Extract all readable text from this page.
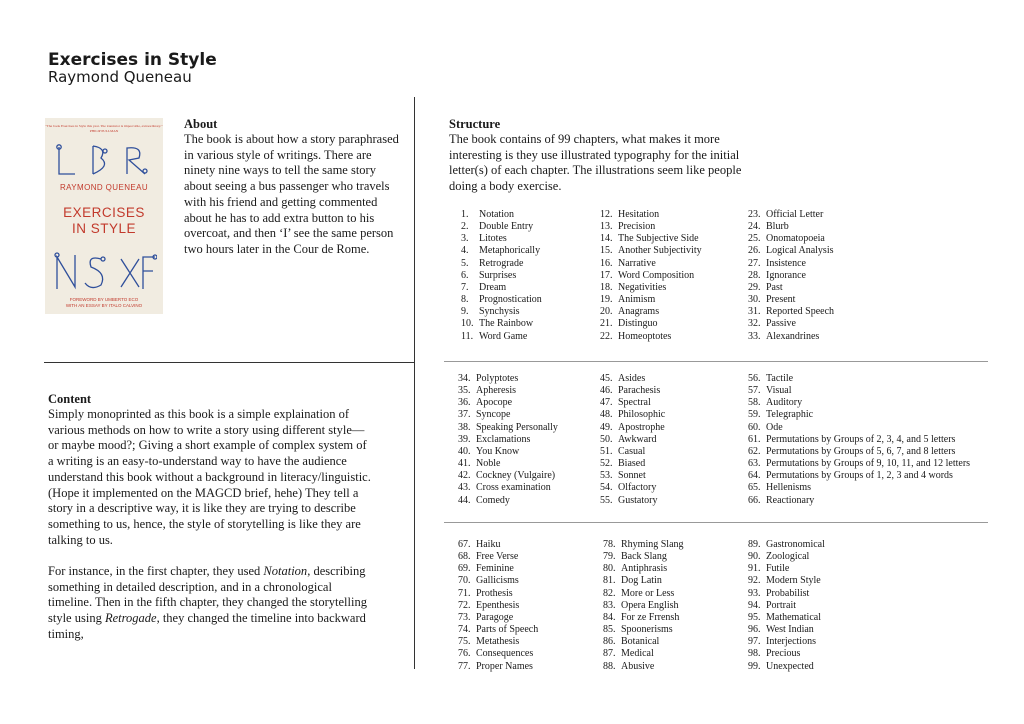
Exercises in Style
Raymond Queneau
"The book Exercises in Style this year. The translator is impeccable, extraordinary." PHILIP PULLMAN
RAYMOND QUENEAU
EXERCISES
IN STYLE
FOREWORD BY UMBERTO ECO
WITH AN ESSAY BY ITALO CALVINO
About
The book is about how a story paraphrased in various style of writings. There are ninety nine ways to tell the same story about seeing a bus passenger who travels with his friend and getting commented about he has to add extra button to his overcoat, and then ‘I’ see the same person two hours later in the Cour de Rome.
Content

Simply monoprinted as this book is a simple explaination of various methods on how to write a story using different style—or maybe mood?; Giving a short example of complex system of a writing is an easy-to-understand way to have the audience understand this book without a background in literacy/linguistic. (Hope it implemented on the MAGCD brief, hehe) They tell a story in a descriptive way, it is like they are trying to describe something to us, hence, the style of storytelling is like they are talking to us.

For instance, in the first chapter, they used Notation, describing something in detailed description, and in a chronological timeline. Then in the fifth chapter, they changed the storytelling style using Retrogade, they changed the timeline into backward timing,

Structure
The book contains of 99 chapters, what makes it more interesting is they use illustrated typography for the initial letter(s) of each chapter. The illustrations seem like people doing a body exercise.
1. Notation
2. Double Entry
3. Litotes
4. Metaphorically
5. Retrograde
6. Surprises
7. Dream
8. Prognostication
9. Synchysis
10. The Rainbow
11. Word Game
12. Hesitation
13. Precision
14. The Subjective Side
15. Another Subjectivity
16. Narrative
17. Word Composition
18. Negativities
19. Animism
20. Anagrams
21. Distinguo
22. Homeoptotes
23. Official Letter
24. Blurb
25. Onomatopoeia
26. Logical Analysis
27. Insistence
28. Ignorance
29. Past
30. Present
31. Reported Speech
32. Passive
33. Alexandrines
34. Polyptotes
35. Apheresis
36. Apocope
37. Syncope
38. Speaking Personally
39. Exclamations
40. You Know
41. Noble
42. Cockney (Vulgaire)
43. Cross examination
44. Comedy
45. Asides
46. Parachesis
47. Spectral
48. Philosophic
49. Apostrophe
50. Awkward
51. Casual
52. Biased
53. Sonnet
54. Olfactory
55. Gustatory
56. Tactile
57. Visual
58. Auditory
59. Telegraphic
60. Ode
61. Permutations by Groups of 2, 3, 4, and 5 letters
62. Permutations by Groups of 5, 6, 7, and 8 letters
63. Permutations by Groups of 9, 10, 11, and 12 letters
64. Permutations by Groups of 1, 2, 3 and 4 words
65. Hellenisms
66. Reactionary
67. Haiku
68. Free Verse
69. Feminine
70. Gallicisms
71. Prothesis
72. Epenthesis
73. Paragoge
74. Parts of Speech
75. Metathesis
76. Consequences
77. Proper Names
78. Rhyming Slang
79. Back Slang
80. Antiphrasis
81. Dog Latin
82. More or Less
83. Opera English
84. For ze Frrensh
85. Spoonerisms
86. Botanical
87. Medical
88. Abusive
89. Gastronomical
90. Zoological
91. Futile
92. Modern Style
93. Probabilist
94. Portrait
95. Mathematical
96. West Indian
97. Interjections
98. Precious
99. Unexpected
